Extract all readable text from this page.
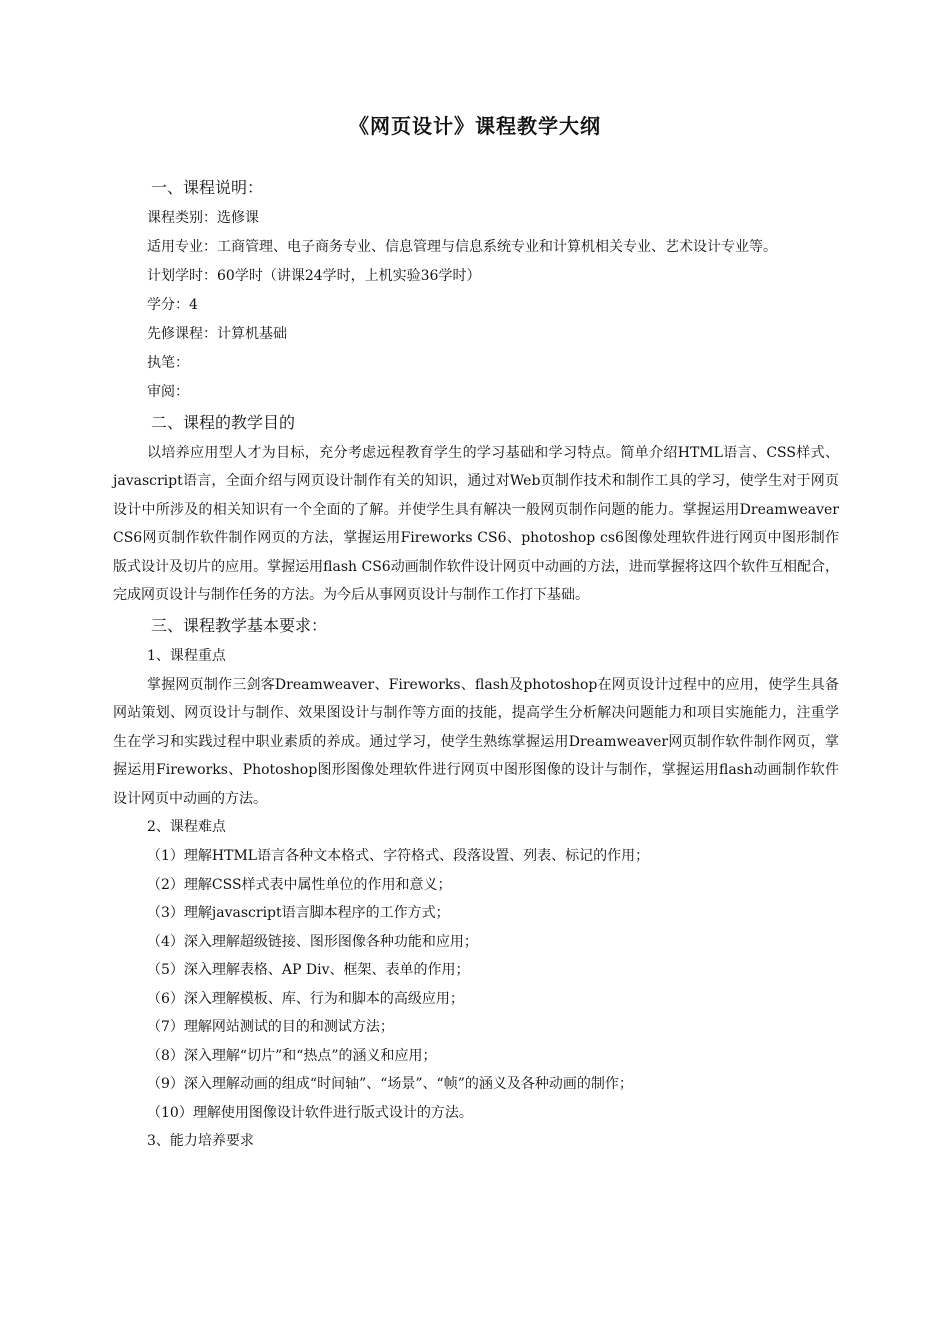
《网页设计》课程教学大纲

一、课程说明：

课程类别：选修课

适用专业：工商管理、电子商务专业、信息管理与信息系统专业和计算机相关专业、艺术设计专业等。

计划学时：60学时（讲课24学时，上机实验36学时）

学分：4

先修课程：计算机基础

执笔：

审阅：

二、课程的教学目的

以培养应用型人才为目标，充分考虑远程教育学生的学习基础和学习特点。简单介绍HTML语言、CSS样式、javascript语言，全面介绍与网页设计制作有关的知识，通过对Web页制作技术和制作工具的学习，使学生对于网页设计中所涉及的相关知识有一个全面的了解。并使学生具有解决一般网页制作问题的能力。掌握运用Dreamweaver CS6网页制作软件制作网页的方法，掌握运用Fireworks CS6、photoshop cs6图像处理软件进行网页中图形制作版式设计及切片的应用。掌握运用flash CS6动画制作软件设计网页中动画的方法，进而掌握将这四个软件互相配合，完成网页设计与制作任务的方法。为今后从事网页设计与制作工作打下基础。

三、课程教学基本要求：

1、课程重点

掌握网页制作三剑客Dreamweaver、Fireworks、flash及photoshop在网页设计过程中的应用，使学生具备网站策划、网页设计与制作、效果图设计与制作等方面的技能，提高学生分析解决问题能力和项目实施能力，注重学生在学习和实践过程中职业素质的养成。通过学习，使学生熟练掌握运用Dreamweaver网页制作软件制作网页，掌握运用Fireworks、Photoshop图形图像处理软件进行网页中图形图像的设计与制作，掌握运用flash动画制作软件设计网页中动画的方法。

2、课程难点

（1）理解HTML语言各种文本格式、字符格式、段落设置、列表、标记的作用；

（2）理解CSS样式表中属性单位的作用和意义；

（3）理解javascript语言脚本程序的工作方式；

（4）深入理解超级链接、图形图像各种功能和应用；

（5）深入理解表格、AP Div、框架、表单的作用；

（6）深入理解模板、库、行为和脚本的高级应用；

（7）理解网站测试的目的和测试方法；

（8）深入理解“切片”和“热点”的涵义和应用；

（9）深入理解动画的组成“时间轴”、“场景”、“帧”的涵义及各种动画的制作；

（10）理解使用图像设计软件进行版式设计的方法。

3、能力培养要求
